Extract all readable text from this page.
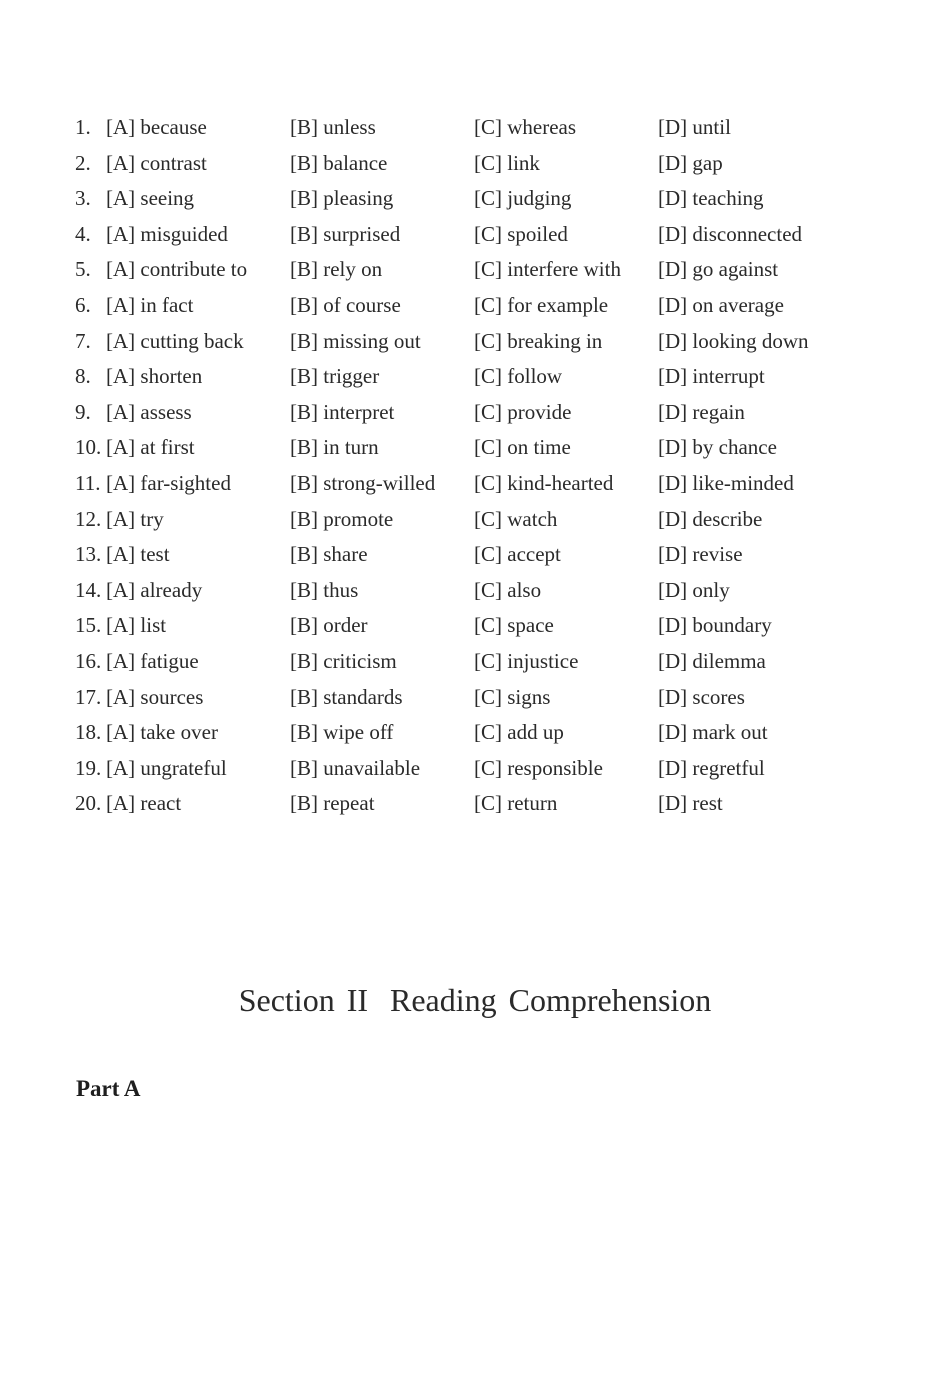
1. [A] because	[B] unless	[C] whereas	[D] until
2. [A] contrast	[B] balance	[C] link	[D] gap
3. [A] seeing	[B] pleasing	[C] judging	[D] teaching
4. [A] misguided	[B] surprised	[C] spoiled	[D] disconnected
5. [A] contribute to [B] rely on	[C] interfere with [D] go against
6. [A] in fact	[B] of course	[C] for example [D] on average
7. [A] cutting back [B] missing out	[C] breaking in	[D] looking down
8. [A] shorten	[B] trigger	[C] follow	[D] interrupt
9. [A] assess	[B] interpret	[C] provide	[D] regain
10. [A] at first	[B] in turn	[C] on time	[D] by chance
11. [A] far-sighted	[B] strong-willed [C] kind-hearted [D] like-minded
12. [A] try	[B] promote	[C] watch	[D] describe
13. [A] test	[B] share	[C] accept	[D] revise
14. [A] already	[B] thus	[C] also	[D] only
15. [A] list	[B] order	[C] space	[D] boundary
16. [A] fatigue	[B] criticism	[C] injustice	[D] dilemma
17. [A] sources	[B] standards	[C] signs	[D] scores
18. [A] take over	[B] wipe off	[C] add up	[D] mark out
19. [A] ungrateful	[B] unavailable	[C] responsible	[D] regretful
20. [A] react	[B] repeat	[C] return	[D] rest
Section II Reading Comprehension
Part A
